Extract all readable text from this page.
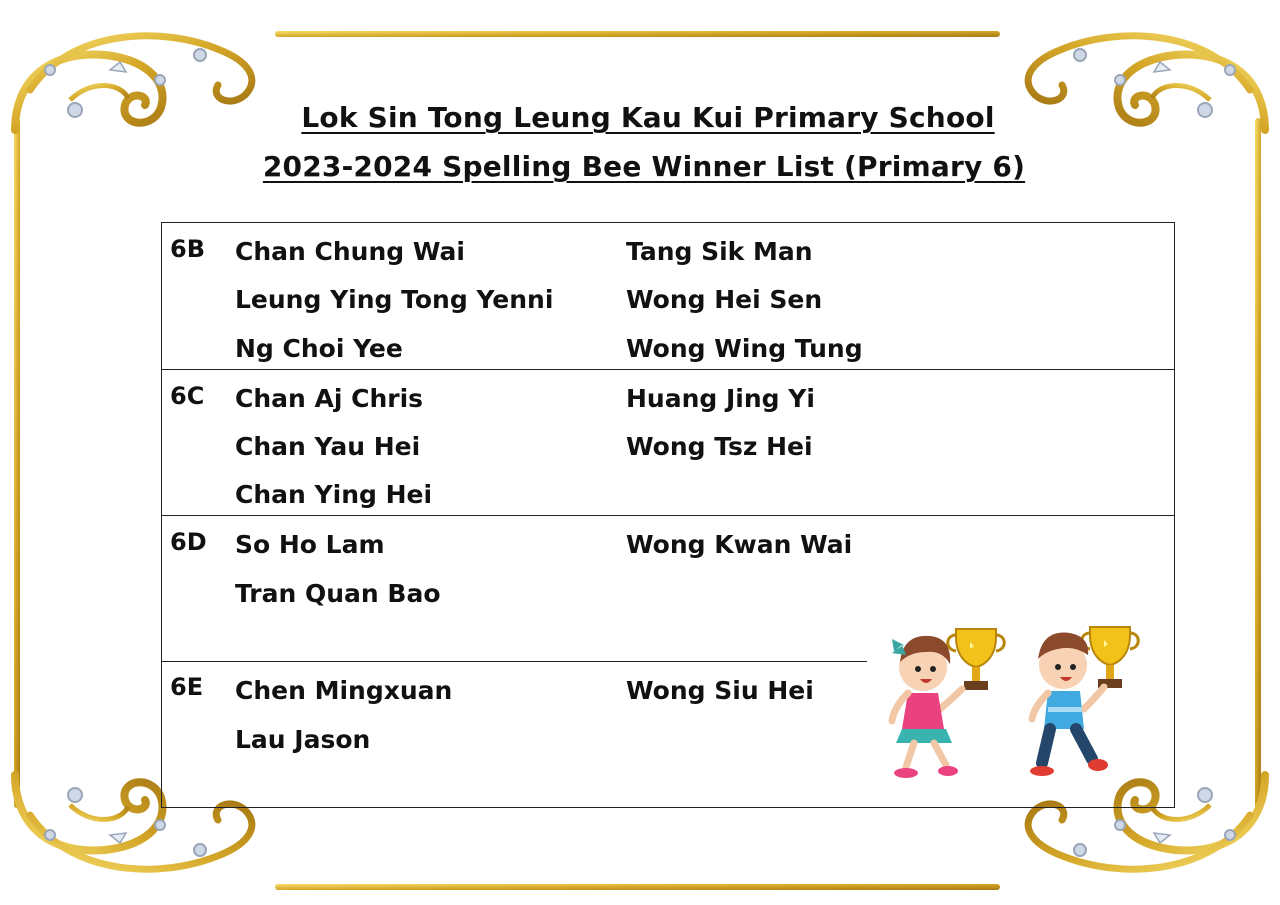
Lok Sin Tong Leung Kau Kui Primary School
2023-2024 Spelling Bee Winner List (Primary 6)
6B Chan Chung Wai
Leung Ying Tong Yenni
Ng Choi Yee
Tang Sik Man
Wong Hei Sen
Wong Wing Tung
6C Chan Aj Chris
Chan Yau Hei
Chan Ying Hei
Huang Jing Yi
Wong Tsz Hei
6D So Ho Lam
Tran Quan Bao
Wong Kwan Wai
6E Chen Mingxuan
Lau Jason
Wong Siu Hei
